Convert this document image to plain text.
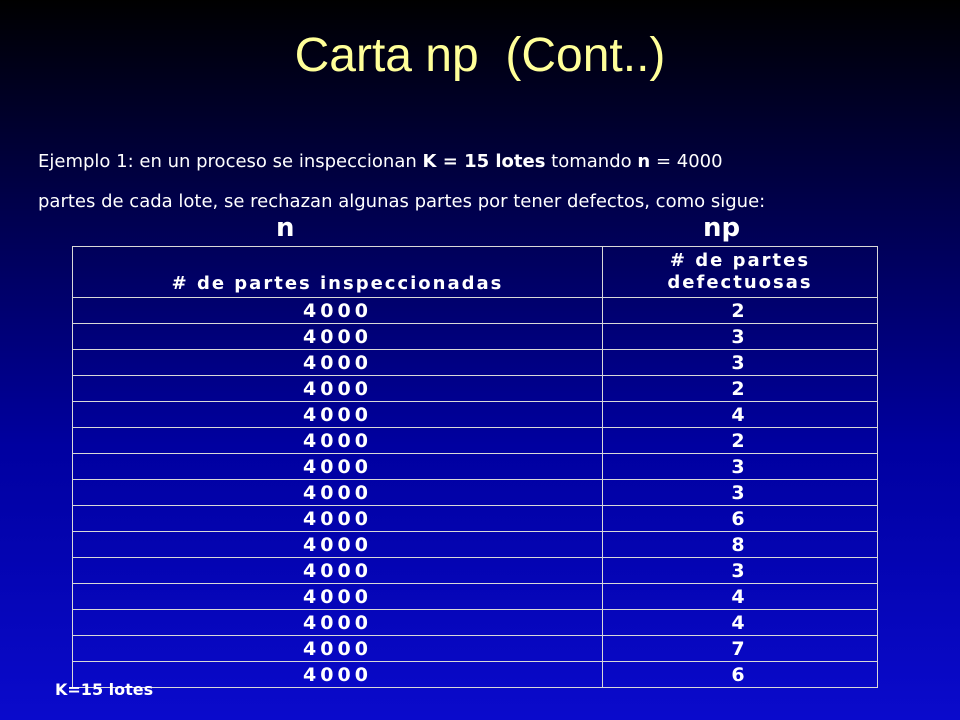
Carta np  (Cont..)
Ejemplo 1: en un proceso se inspeccionan K = 15 lotes tomando n = 4000
partes de cada lote, se rechazan algunas partes por tener defectos, como sigue:
n	np
# de partes inspeccionadas	# de partes defectuosas
4000	2
4000	3
4000	3
4000	2
4000	4
4000	2
4000	3
4000	3
4000	6
4000	8
4000	3
4000	4
4000	4
4000	7
4000	6
K=15 lotes
